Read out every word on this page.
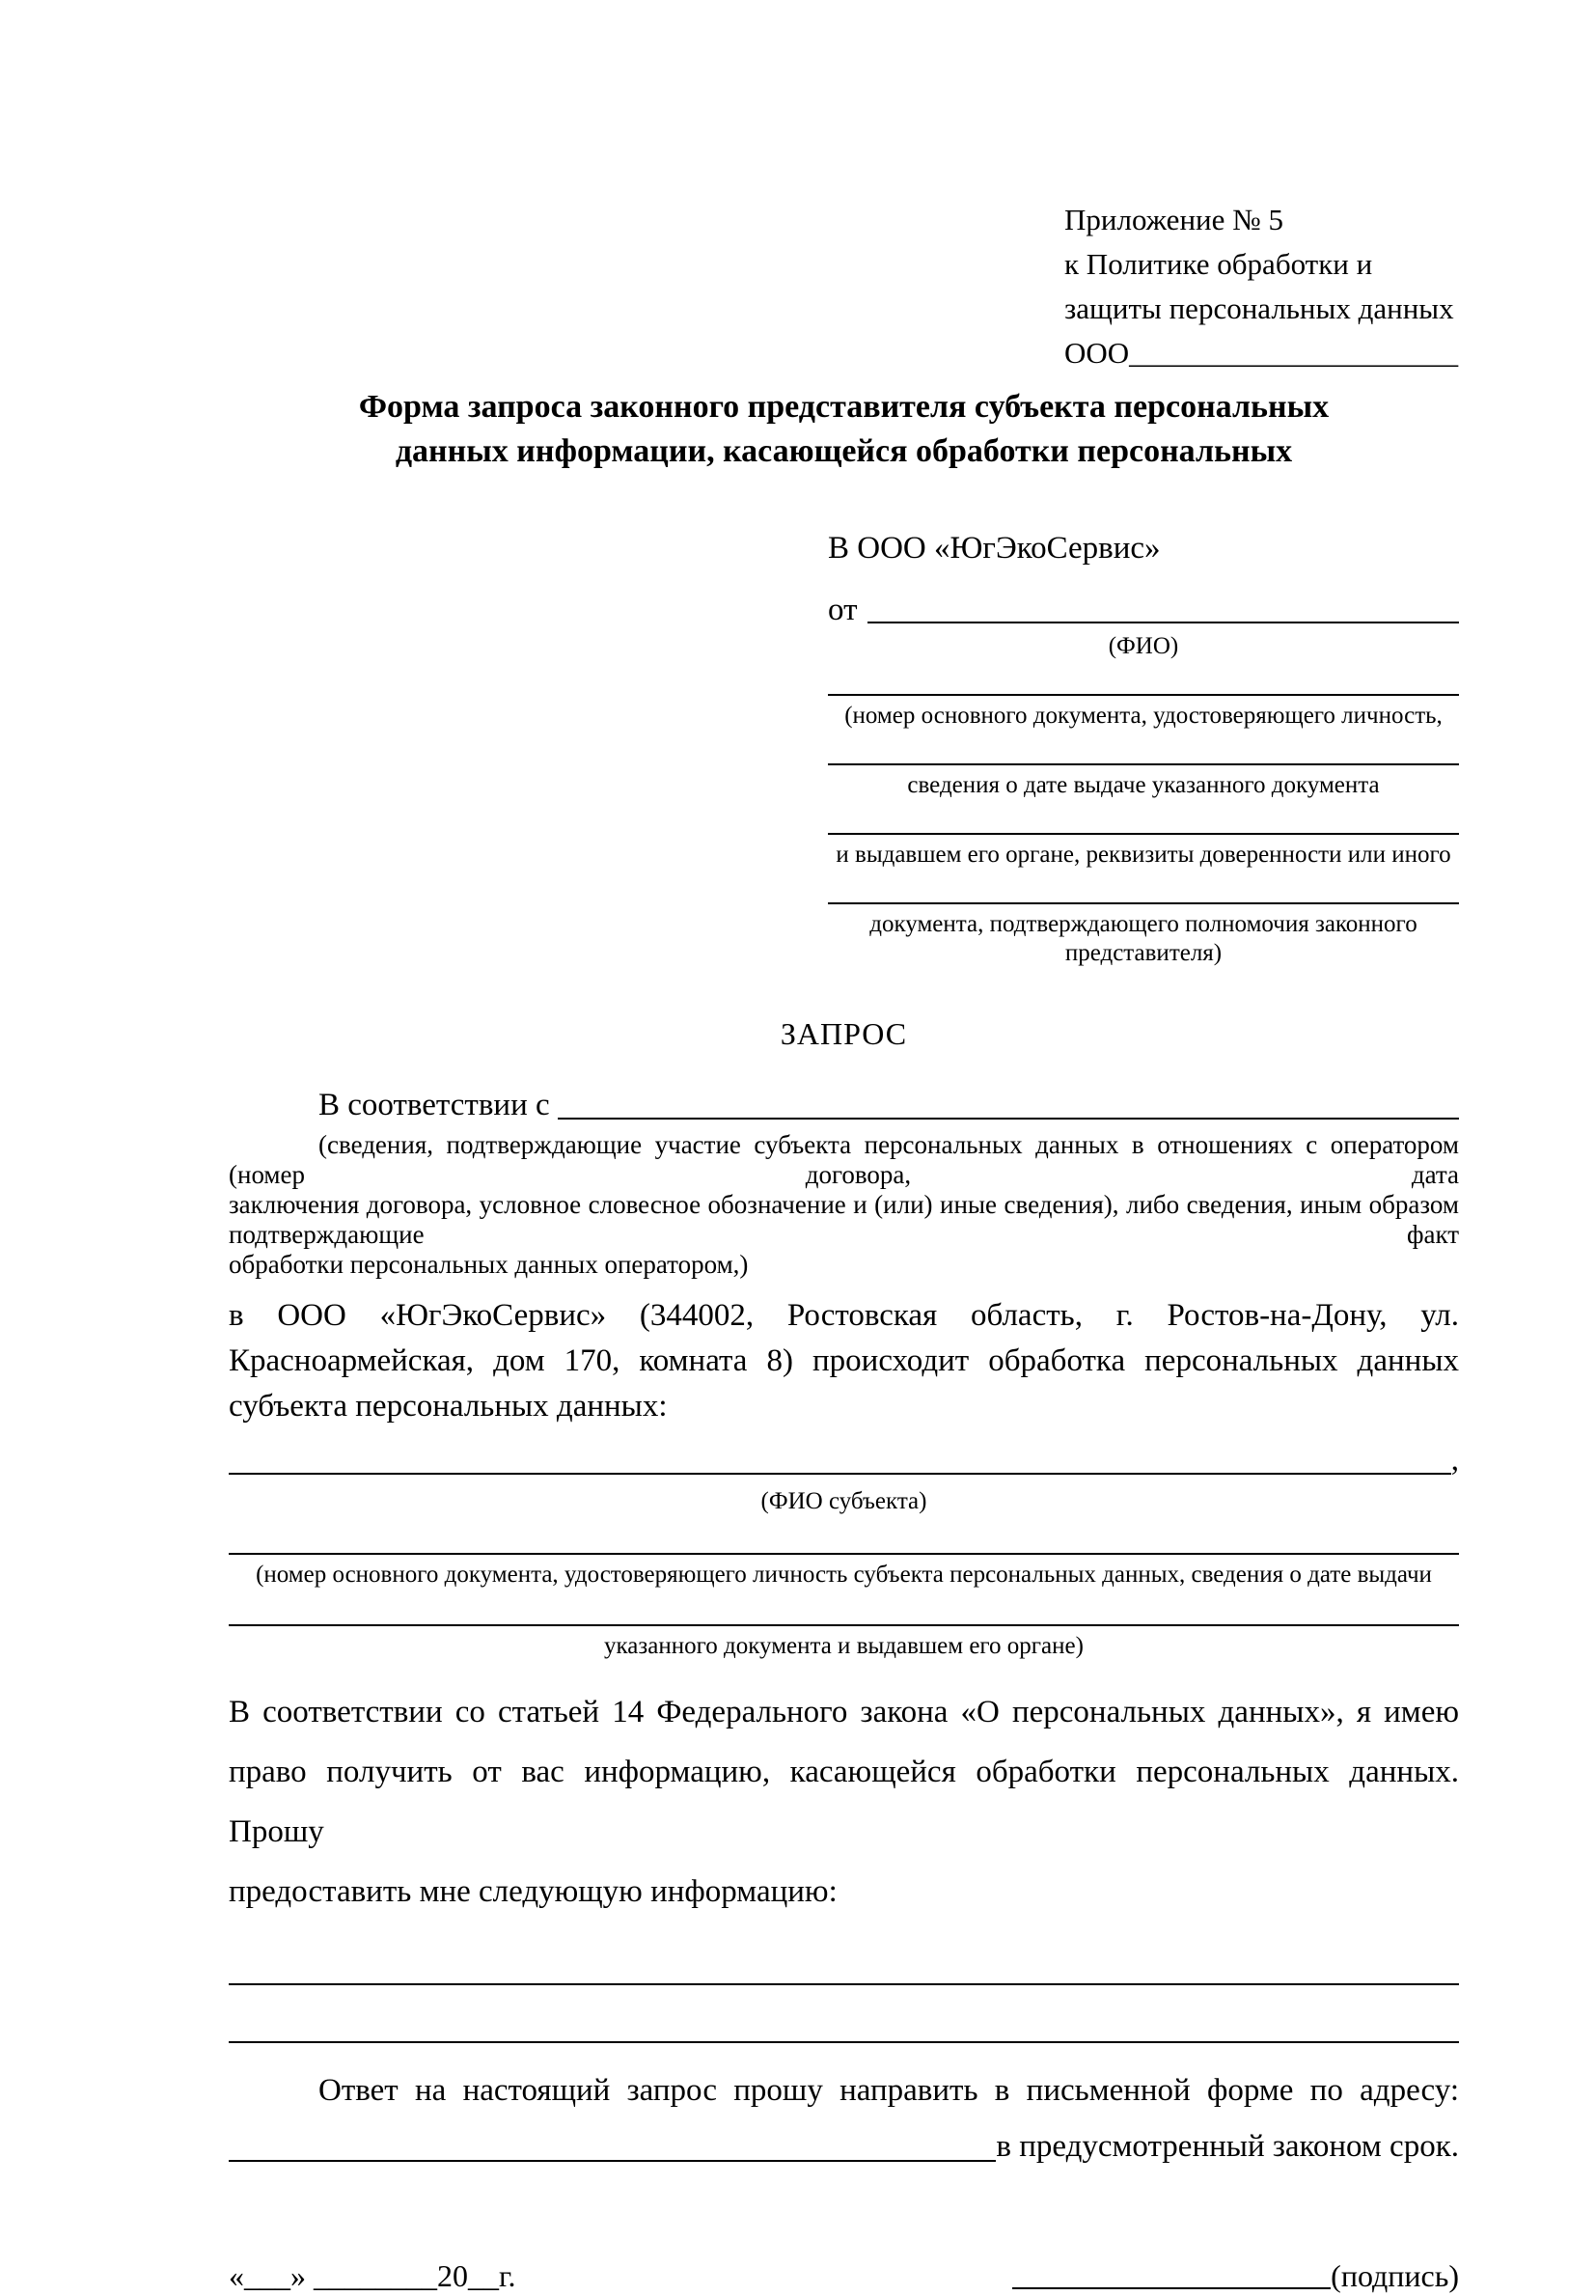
Приложение № 5
к Политике обработки и
защиты персональных данных
ООО______________________
Форма запроса законного представителя субъекта персональных
данных информации, касающейся обработки персональных
В ООО «ЮгЭкоСервис»
от
(ФИО)
(номер основного документа, удостоверяющего личность,
сведения о дате выдаче указанного документа
и выдавшем его органе, реквизиты доверенности или иного
документа, подтверждающего полномочия законного представителя)
ЗАПРОС
В соответствии с
(сведения, подтверждающие участие субъекта персональных данных в отношениях с оператором (номер договора, дата
заключения договора, условное словесное обозначение и (или) иные сведения), либо сведения, иным образом подтверждающие факт
обработки персональных данных оператором,)
в ООО «ЮгЭкоСервис» (344002, Ростовская область, г. Ростов-на-Дону, ул.
Красноармейская, дом 170, комната 8) происходит обработка персональных данных
субъекта персональных данных:
,
(ФИО субъекта)
(номер основного документа, удостоверяющего личность субъекта персональных данных, сведения о дате выдачи
указанного документа и выдавшем его органе)
В соответствии со статьей 14 Федерального закона «О персональных данных», я имею
право получить от вас информацию, касающейся обработки персональных данных. Прошу
предоставить мне следующую информацию:
Ответ на настоящий запрос прошу направить в письменной форме по адресу:
в предусмотренный законом срок.
«___» ________20__г.	(подпись)
